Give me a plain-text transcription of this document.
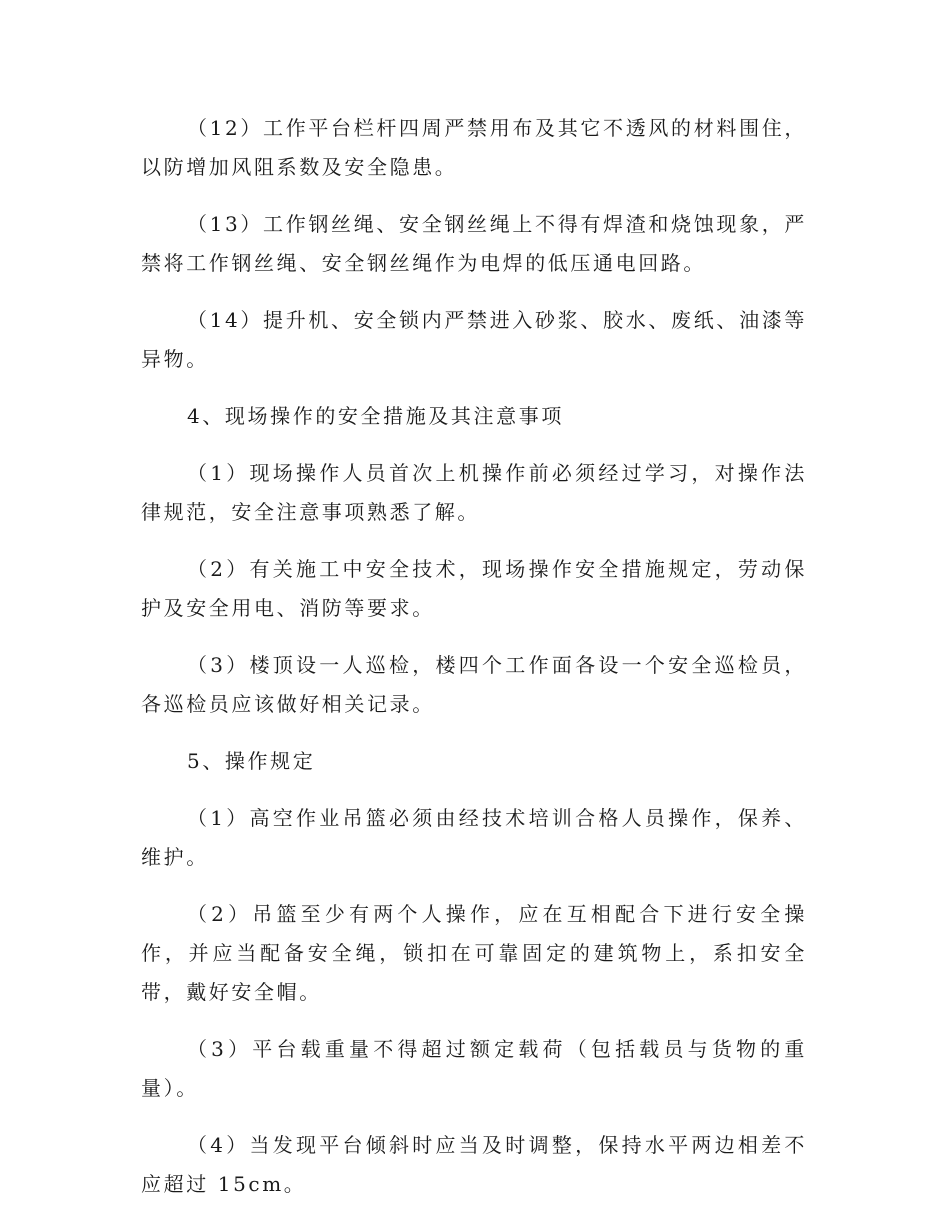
（12）工作平台栏杆四周严禁用布及其它不透风的材料围住，以防增加风阻系数及安全隐患。

（13）工作钢丝绳、安全钢丝绳上不得有焊渣和烧蚀现象，严禁将工作钢丝绳、安全钢丝绳作为电焊的低压通电回路。

（14）提升机、安全锁内严禁进入砂浆、胶水、废纸、油漆等异物。

4、现场操作的安全措施及其注意事项

（1）现场操作人员首次上机操作前必须经过学习，对操作法律规范，安全注意事项熟悉了解。

（2）有关施工中安全技术，现场操作安全措施规定，劳动保护及安全用电、消防等要求。

（3）楼顶设一人巡检，楼四个工作面各设一个安全巡检员，各巡检员应该做好相关记录。

5、操作规定

（1）高空作业吊篮必须由经技术培训合格人员操作，保养、维护。

（2）吊篮至少有两个人操作，应在互相配合下进行安全操作，并应当配备安全绳，锁扣在可靠固定的建筑物上，系扣安全带，戴好安全帽。

（3）平台载重量不得超过额定载荷（包括载员与货物的重量）。

（4）当发现平台倾斜时应当及时调整，保持水平两边相差不应超过 15cm。
